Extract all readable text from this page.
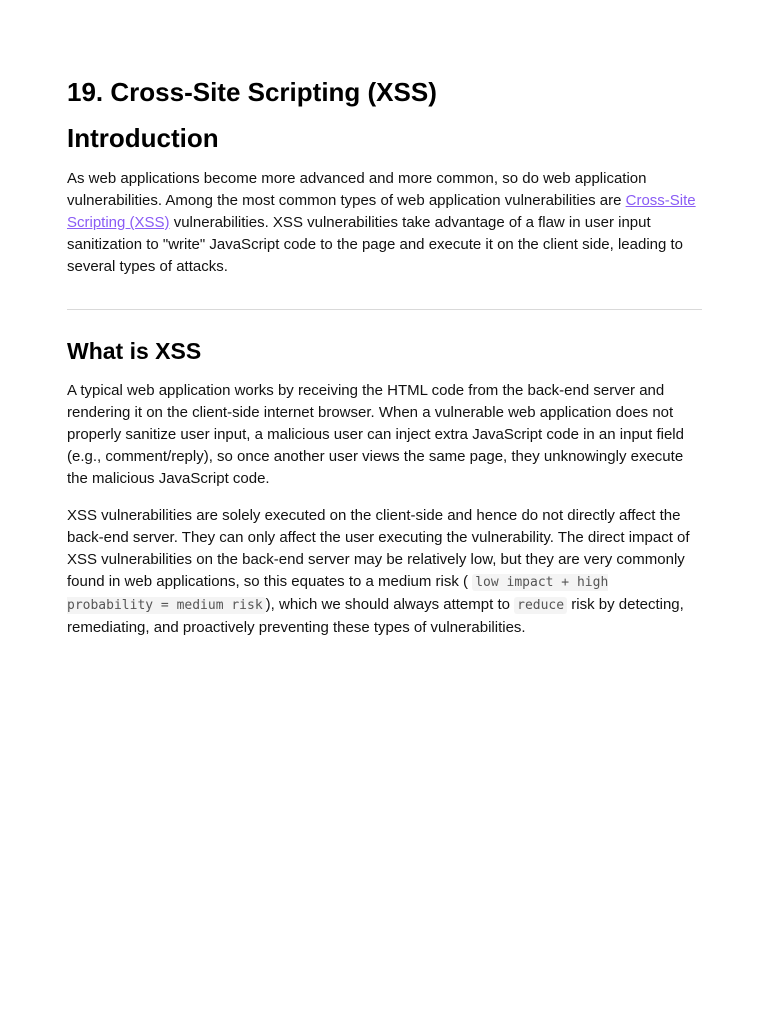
19. Cross-Site Scripting (XSS)
Introduction

As web applications become more advanced and more common, so do web application vulnerabilities. Among the most common types of web application vulnerabilities are Cross-Site Scripting (XSS) vulnerabilities. XSS vulnerabilities take advantage of a flaw in user input sanitization to "write" JavaScript code to the page and execute it on the client side, leading to several types of attacks.

What is XSS

A typical web application works by receiving the HTML code from the back-end server and rendering it on the client-side internet browser. When a vulnerable web application does not properly sanitize user input, a malicious user can inject extra JavaScript code in an input field (e.g., comment/reply), so once another user views the same page, they unknowingly execute the malicious JavaScript code.

XSS vulnerabilities are solely executed on the client-side and hence do not directly affect the back-end server. They can only affect the user executing the vulnerability. The direct impact of XSS vulnerabilities on the back-end server may be relatively low, but they are very commonly found in web applications, so this equates to a medium risk ( low impact + high probability = medium risk ), which we should always attempt to reduce risk by detecting, remediating, and proactively preventing these types of vulnerabilities.
